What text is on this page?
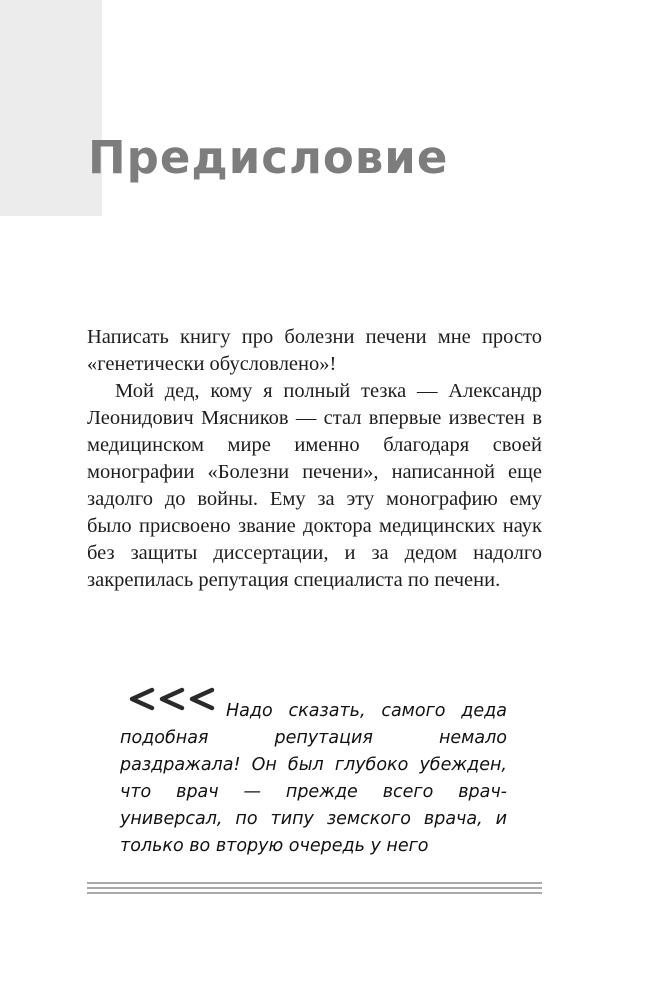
Предисловие

Написать книгу про болезни печени мне просто «генетически обусловлено»!

Мой дед, кому я полный тезка — Александр Леонидович Мясников — стал впервые известен в медицинском мире именно благодаря своей монографии «Болезни печени», написанной еще задолго до войны. Ему за эту монографию ему было присвоено звание доктора медицинских наук без защиты диссертации, и за дедом надолго закрепилась репутация специалиста по печени.

Надо сказать, самого деда подобная репутация немало раздражала! Он был глубоко убежден, что врач — прежде всего врач-универсал, по типу земского врача, и только во вторую очередь у него
